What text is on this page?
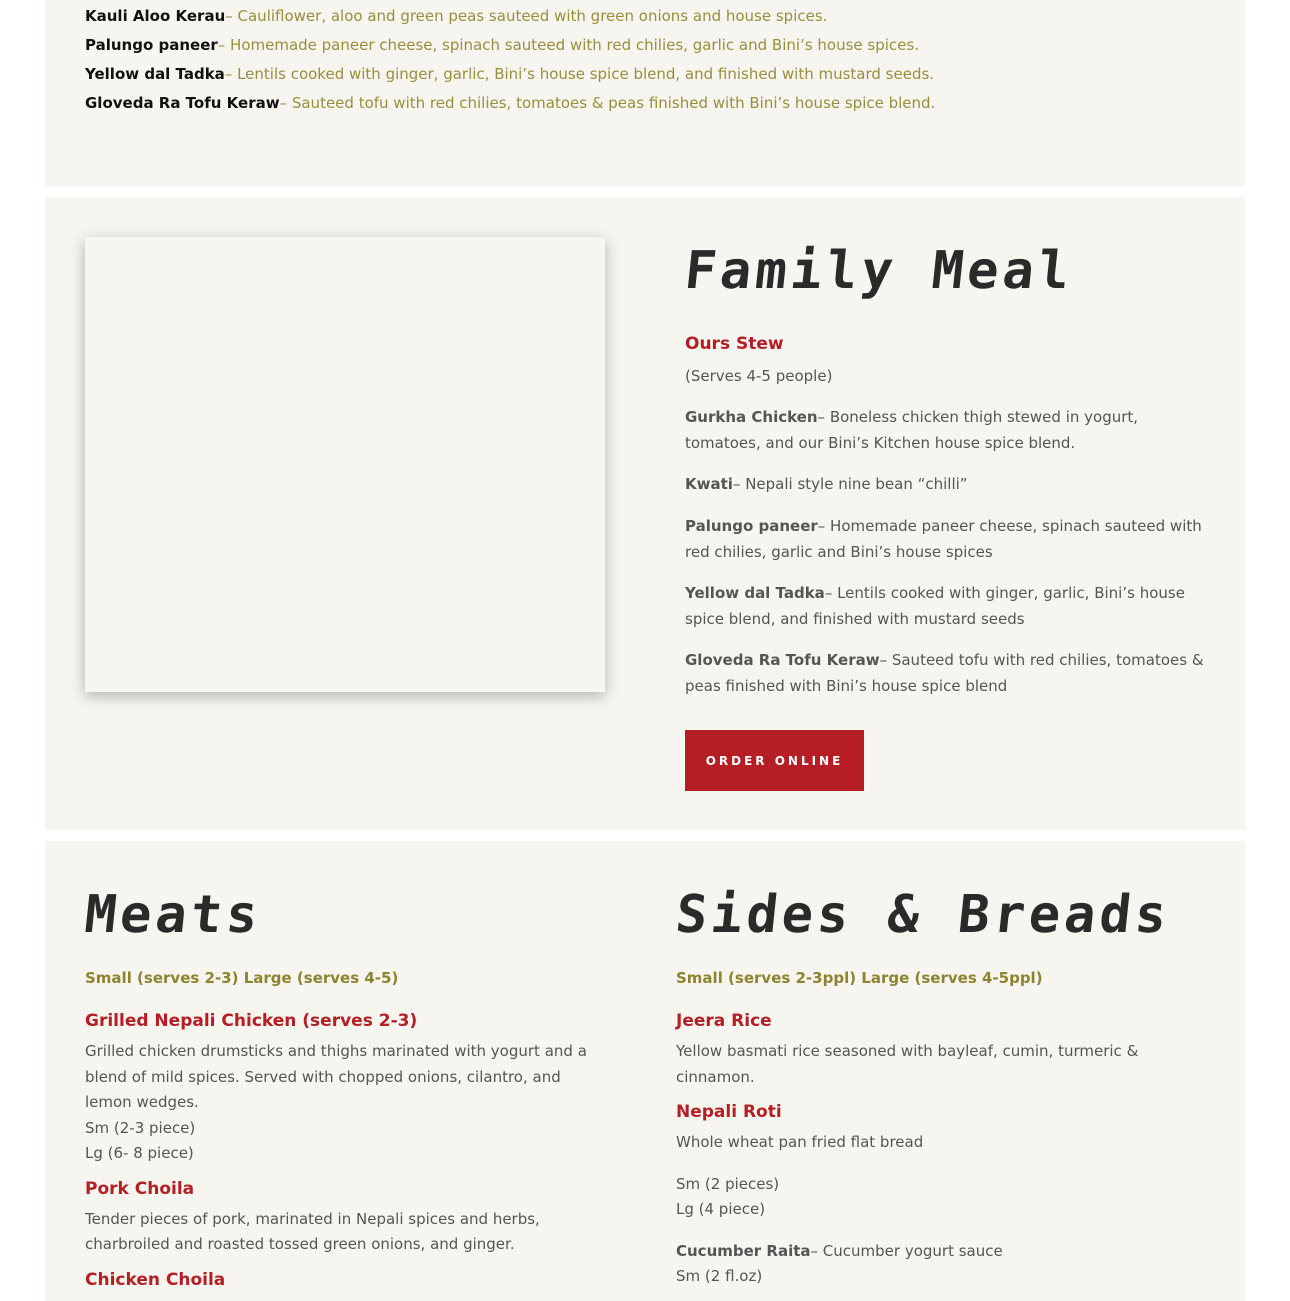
Kauli Aloo Kerau– Cauliflower, aloo and green peas sauteed with green onions and house spices.
Palungo paneer– Homemade paneer cheese, spinach sauteed with red chilies, garlic and Bini’s house spices.
Yellow dal Tadka– Lentils cooked with ginger, garlic, Bini’s house spice blend, and finished with mustard seeds.
Gloveda Ra Tofu Keraw– Sauteed tofu with red chilies, tomatoes & peas finished with Bini’s house spice blend.
Family Meal

Ours Stew

(Serves 4-5 people)

Gurkha Chicken– Boneless chicken thigh stewed in yogurt, tomatoes, and our Bini’s Kitchen house spice blend.

Kwati– Nepali style nine bean “chilli”

Palungo paneer– Homemade paneer cheese, spinach sauteed with red chilies, garlic and Bini’s house spices

Yellow dal Tadka– Lentils cooked with ginger, garlic, Bini’s house spice blend, and finished with mustard seeds

Gloveda Ra Tofu Keraw– Sauteed tofu with red chilies, tomatoes & peas finished with Bini’s house spice blend

ORDER ONLINE
Meats	Sides & Breads

Small (serves 2-3) Large (serves 4-5)	Small (serves 2-3ppl) Large (serves 4-5ppl)

Grilled Nepali Chicken (serves 2-3)

Grilled chicken drumsticks and thighs marinated with yogurt and a blend of mild spices. Served with chopped onions, cilantro, and lemon wedges.

Sm (2-3 piece)

Lg (6- 8 piece)

Pork Choila

Tender pieces of pork, marinated in Nepali spices and herbs, charbroiled and roasted tossed green onions, and ginger.

Chicken Choila

Jeera Rice

Yellow basmati rice seasoned with bayleaf, cumin, turmeric & cinnamon.

Nepali Roti

Whole wheat pan fried flat bread

Sm (2 pieces)

Lg (4 piece)

Cucumber Raita– Cucumber yogurt sauce

Sm (2 fl.oz)
